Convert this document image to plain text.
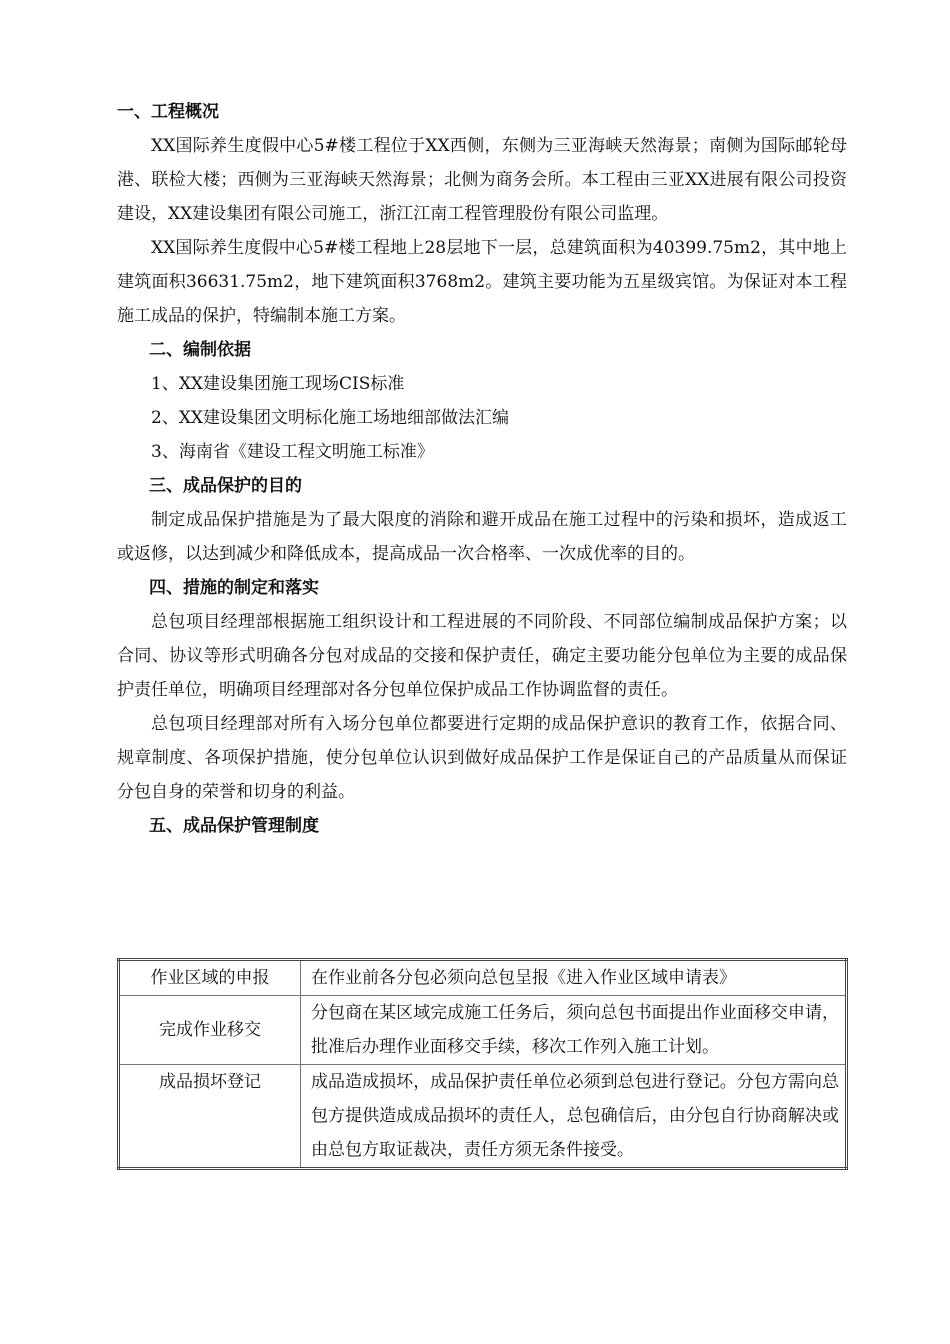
一、工程概况
XX国际养生度假中心5#楼工程位于XX西侧，东侧为三亚海峡天然海景；南侧为国际邮轮母港、联检大楼；西侧为三亚海峡天然海景；北侧为商务会所。本工程由三亚XX进展有限公司投资建设，XX建设集团有限公司施工，浙江江南工程管理股份有限公司监理。
XX国际养生度假中心5#楼工程地上28层地下一层，总建筑面积为40399.75m2，其中地上建筑面积36631.75m2，地下建筑面积3768m2。建筑主要功能为五星级宾馆。为保证对本工程施工成品的保护，特编制本施工方案。
二、编制依据
1、XX建设集团施工现场CIS标准
2、XX建设集团文明标化施工场地细部做法汇编
3、海南省《建设工程文明施工标准》
三、成品保护的目的
制定成品保护措施是为了最大限度的消除和避开成品在施工过程中的污染和损坏，造成返工或返修，以达到减少和降低成本，提高成品一次合格率、一次成优率的目的。
四、措施的制定和落实
总包项目经理部根据施工组织设计和工程进展的不同阶段、不同部位编制成品保护方案；以合同、协议等形式明确各分包对成品的交接和保护责任，确定主要功能分包单位为主要的成品保护责任单位，明确项目经理部对各分包单位保护成品工作协调监督的责任。
总包项目经理部对所有入场分包单位都要进行定期的成品保护意识的教育工作，依据合同、规章制度、各项保护措施，使分包单位认识到做好成品保护工作是保证自己的产品质量从而保证分包自身的荣誉和切身的利益。
五、成品保护管理制度
作业区域的申报	在作业前各分包必须向总包呈报《进入作业区域申请表》
完成作业移交	分包商在某区域完成施工任务后，须向总包书面提出作业面移交申请，批准后办理作业面移交手续，移次工作列入施工计划。
成品损坏登记	成品造成损坏，成品保护责任单位必须到总包进行登记。分包方需向总包方提供造成成品损坏的责任人，总包确信后，由分包自行协商解决或由总包方取证裁决，责任方须无条件接受。
